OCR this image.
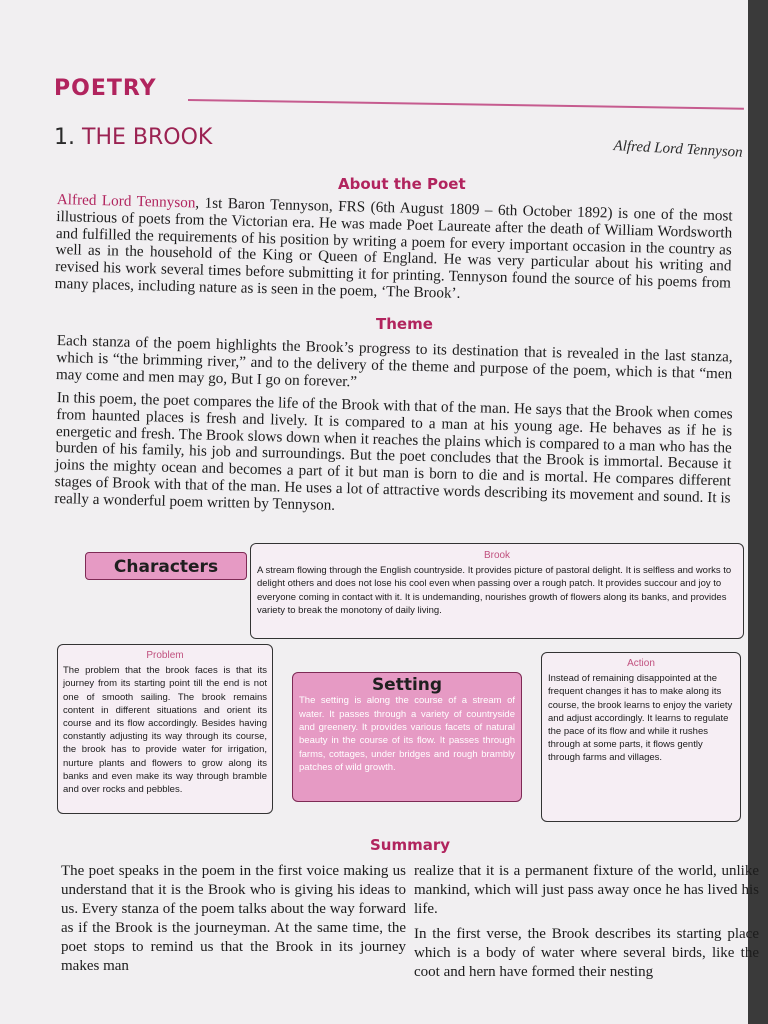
POETRY
1. THE BROOK	Alfred Lord Tennyson
About the Poet
Alfred Lord Tennyson, 1st Baron Tennyson, FRS (6th August 1809 – 6th October 1892) is one of the most illustrious of poets from the Victorian era. He was made Poet Laureate after the death of William Wordsworth and fulfilled the requirements of his position by writing a poem for every important occasion in the country as well as in the household of the King or Queen of England. He was very particular about his writing and revised his work several times before submitting it for printing. Tennyson found the source of his poems from many places, including nature as is seen in the poem, ‘The Brook’.
Theme
Each stanza of the poem highlights the Brook’s progress to its destination that is revealed in the last stanza, which is “the brimming river,” and to the delivery of the theme and purpose of the poem, which is that “men may come and men may go, But I go on forever.”
In this poem, the poet compares the life of the Brook with that of the man. He says that the Brook when comes from haunted places is fresh and lively. It is compared to a man at his young age. He behaves as if he is energetic and fresh. The Brook slows down when it reaches the plains which is compared to a man who has the burden of his family, his job and surroundings. But the poet concludes that the Brook is immortal. Because it joins the mighty ocean and becomes a part of it but man is born to die and is mortal. He compares different stages of Brook with that of the man. He uses a lot of attractive words describing its movement and sound. It is really a wonderful poem written by Tennyson.
Characters
Brook
A stream flowing through the English countryside. It provides picture of pastoral delight. It is selfless and works to delight others and does not lose his cool even when passing over a rough patch. It provides succour and joy to everyone coming in contact with it. It is undemanding, nourishes growth of flowers along its banks, and provides variety to break the monotony of daily living.
Problem
The problem that the brook faces is that its journey from its starting point till the end is not one of smooth sailing. The brook remains content in different situations and orient its course and its flow accordingly. Besides having constantly adjusting its way through its course, the brook has to provide water for irrigation, nurture plants and flowers to grow along its banks and even make its way through bramble and over rocks and pebbles.
Setting
The setting is along the course of a stream of water. It passes through a variety of countryside and greenery. It provides various facets of natural beauty in the course of its flow. It passes through farms, cottages, under bridges and rough brambly patches of wild growth.
Action
Instead of remaining disappointed at the frequent changes it has to make along its course, the brook learns to enjoy the variety and adjust accordingly. It learns to regulate the pace of its flow and while it rushes through at some parts, it flows gently through farms and villages.
Summary

The poet speaks in the poem in the first voice making us understand that it is the Brook who is giving his ideas to us. Every stanza of the poem talks about the way forward as if the Brook is the journeyman. At the same time, the poet stops to remind us that the Brook in its journey makes man

realize that it is a permanent fixture of the world, unlike mankind, which will just pass away once he has lived his life.

In the first verse, the Brook describes its starting place which is a body of water where several birds, like the coot and hern have formed their nesting
